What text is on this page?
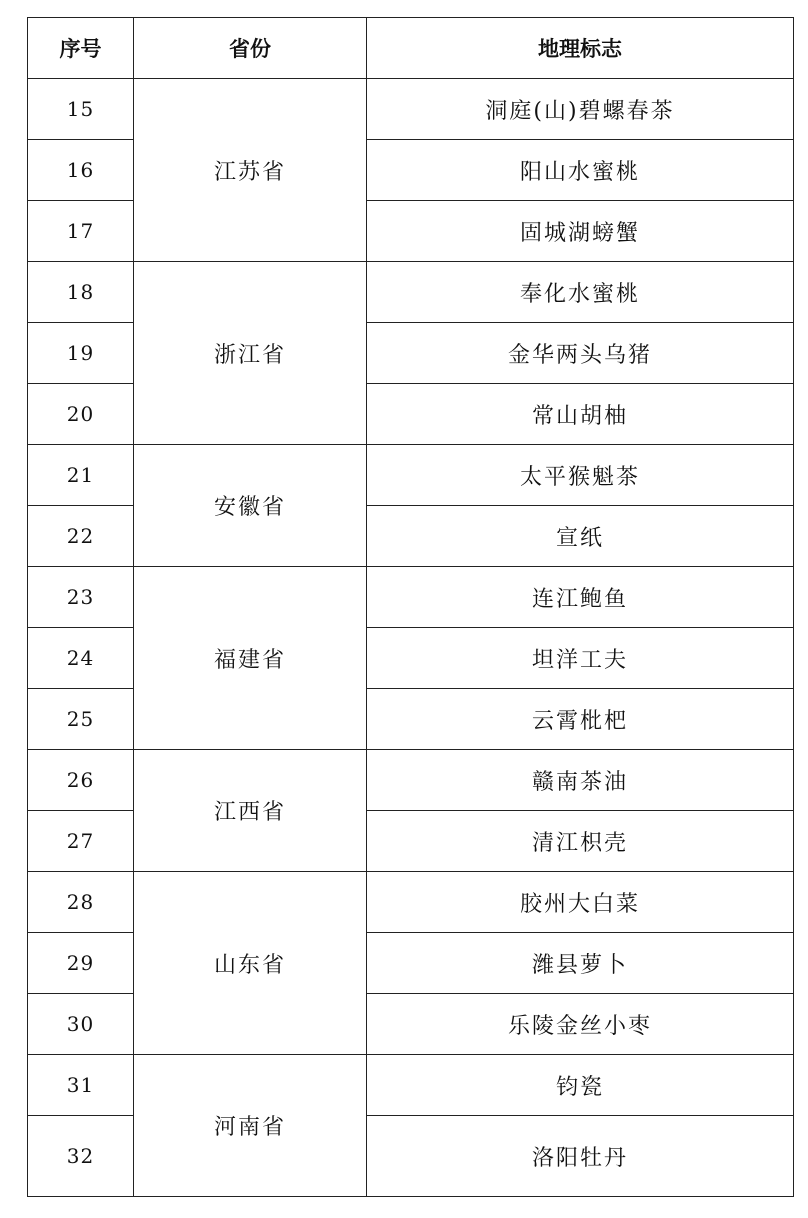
序号	省份	地理标志
15	江苏省	洞庭(山)碧螺春茶
16		阳山水蜜桃
17		固城湖螃蟹
18	浙江省	奉化水蜜桃
19		金华两头乌猪
20		常山胡柚
21	安徽省	太平猴魁茶
22		宣纸
23	福建省	连江鲍鱼
24		坦洋工夫
25		云霄枇杷
26	江西省	赣南茶油
27		清江枳壳
28	山东省	胶州大白菜
29		潍县萝卜
30		乐陵金丝小枣
31	河南省	钧瓷
32		洛阳牡丹
